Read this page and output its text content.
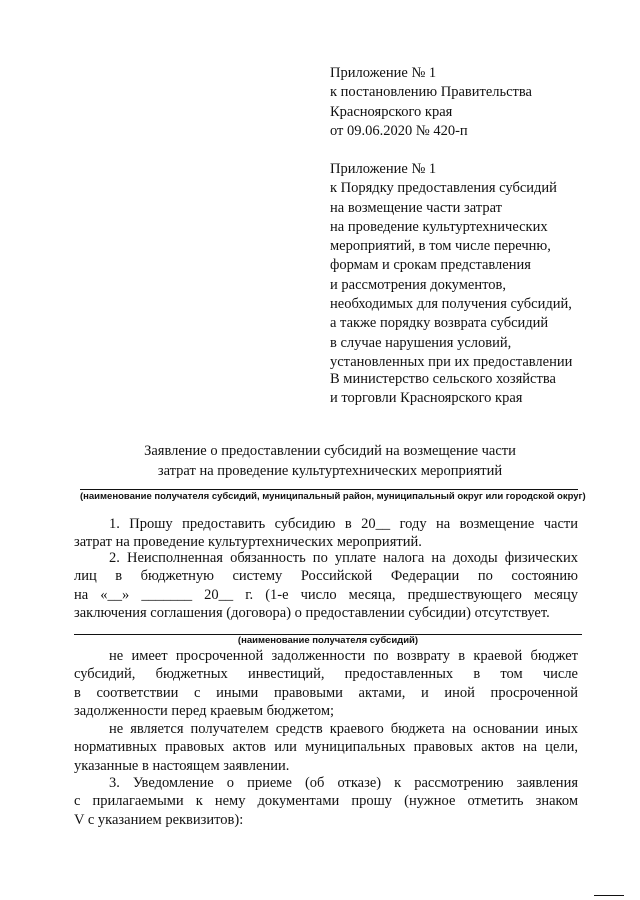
Приложение № 1
к постановлению Правительства
Красноярского края
от 09.06.2020 № 420-п
Приложение № 1
к Порядку предоставления субсидий
на возмещение части затрат
на проведение культуртехнических
мероприятий, в том числе перечню,
формам и срокам представления
и рассмотрения документов,
необходимых для получения субсидий,
а также порядку возврата субсидий
в случае нарушения условий,
установленных при их предоставлении
В министерство сельского хозяйства
и торговли Красноярского края
Заявление о предоставлении субсидий на возмещение части
затрат на проведение культуртехнических мероприятий
(наименование получателя субсидий, муниципальный район, муниципальный округ или городской округ)
1. Прошу предоставить субсидию в 20__ году на возмещение части
затрат на проведение культуртехнических мероприятий.
2. Неисполненная обязанность по уплате налога на доходы физических
лиц в бюджетную систему Российской Федерации по состоянию
на «__» _______ 20__ г. (1-е число месяца, предшествующего месяцу
заключения соглашения (договора) о предоставлении субсидии) отсутствует.
(наименование получателя субсидий)
не имеет просроченной задолженности по возврату в краевой бюджет
субсидий, бюджетных инвестиций, предоставленных в том числе
в соответствии с иными правовыми актами, и иной просроченной
задолженности перед краевым бюджетом;
не является получателем средств краевого бюджета на основании иных
нормативных правовых актов или муниципальных правовых актов на цели,
указанные в настоящем заявлении.
3. Уведомление о приеме (об отказе) к рассмотрению заявления
с прилагаемыми к нему документами прошу (нужное отметить знаком
V с указанием реквизитов):
